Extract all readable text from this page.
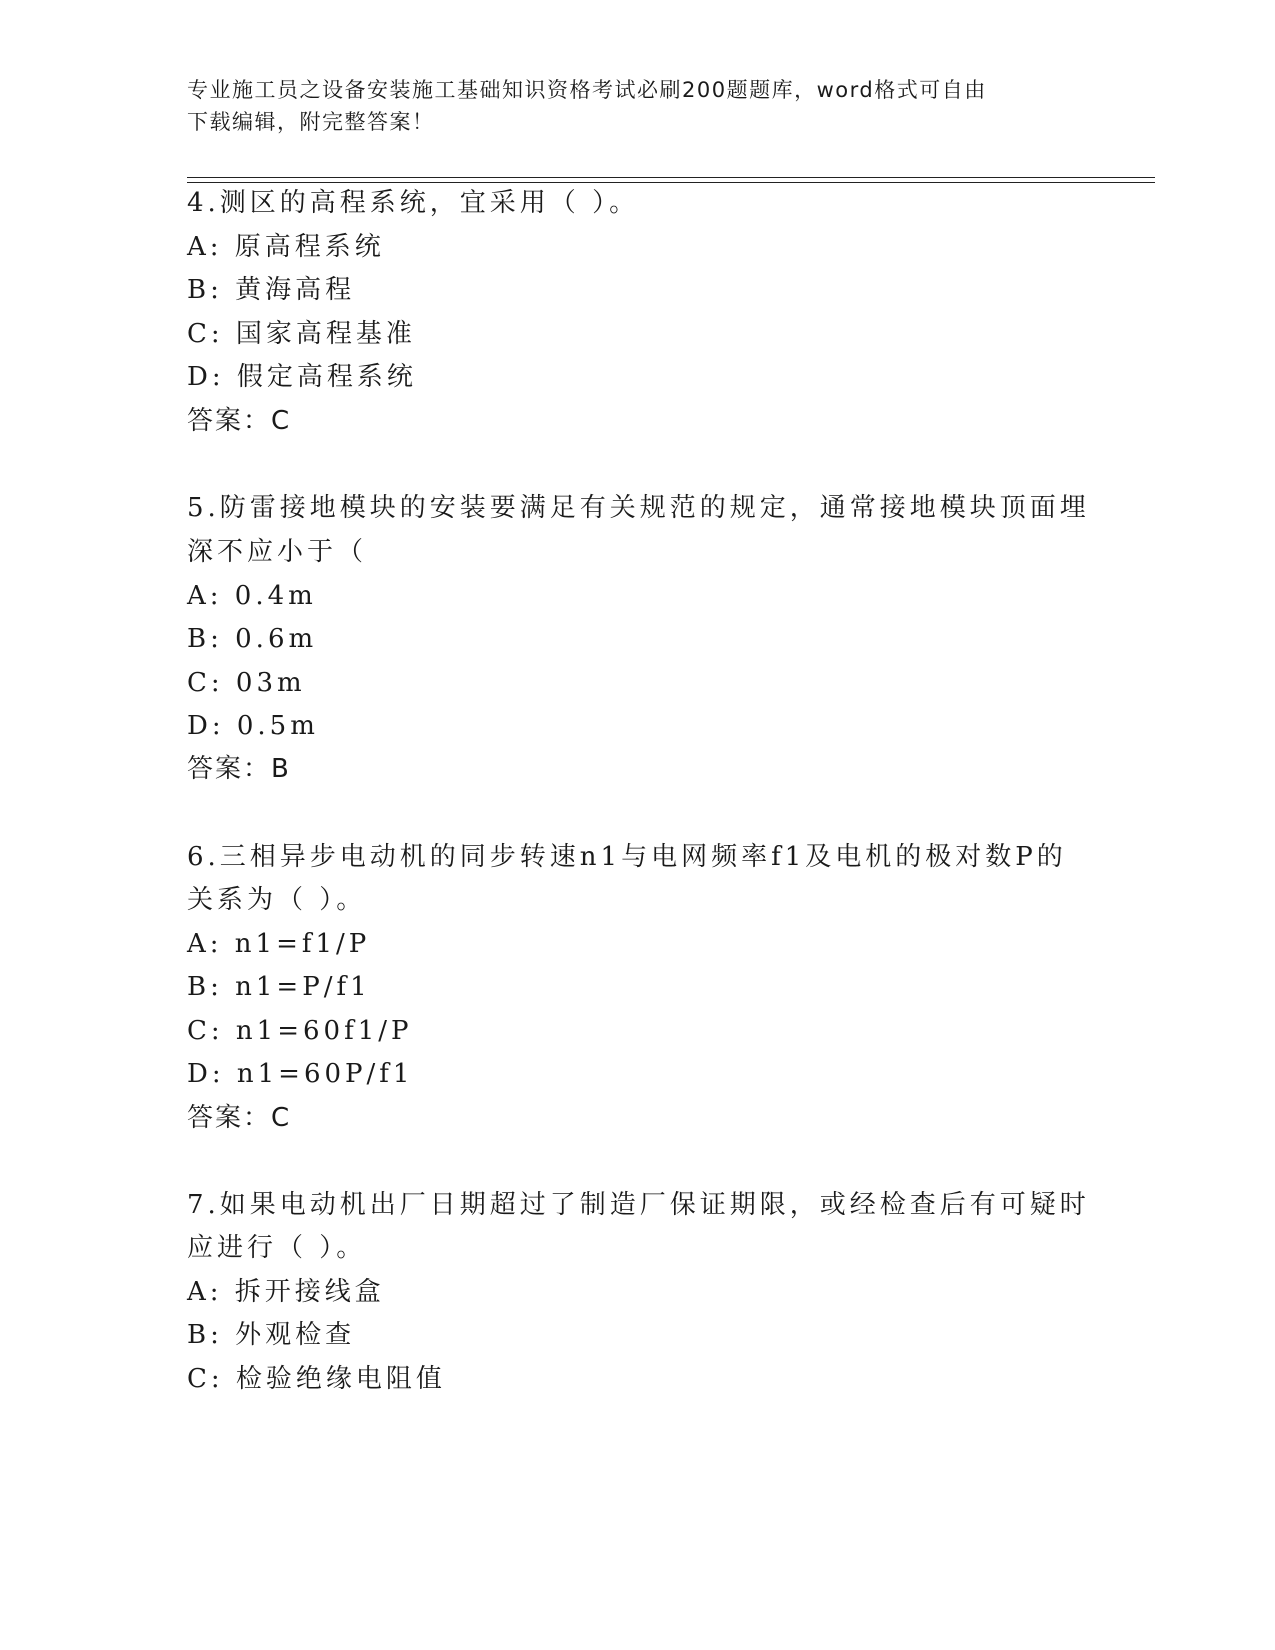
专业施工员之设备安装施工基础知识资格考试必刷200题题库，word格式可自由
下载编辑，附完整答案！
4.测区的高程系统，宜采用（ ）。
A: 原高程系统
B: 黄海高程
C: 国家高程基准
D: 假定高程系统
答案：C
5.防雷接地模块的安装要满足有关规范的规定，通常接地模块顶面埋
深不应小于（
A: 0.4m
B: 0.6m
C: 03m
D: 0.5m
答案：B
6.三相异步电动机的同步转速n1与电网频率f1及电机的极对数P的
关系为（ ）。
A: n1=f1/P
B: n1=P/f1
C: n1=60f1/P
D: n1=60P/f1
答案：C
7.如果电动机出厂日期超过了制造厂保证期限，或经检查后有可疑时
应进行（ ）。
A: 拆开接线盒
B: 外观检查
C: 检验绝缘电阻值
